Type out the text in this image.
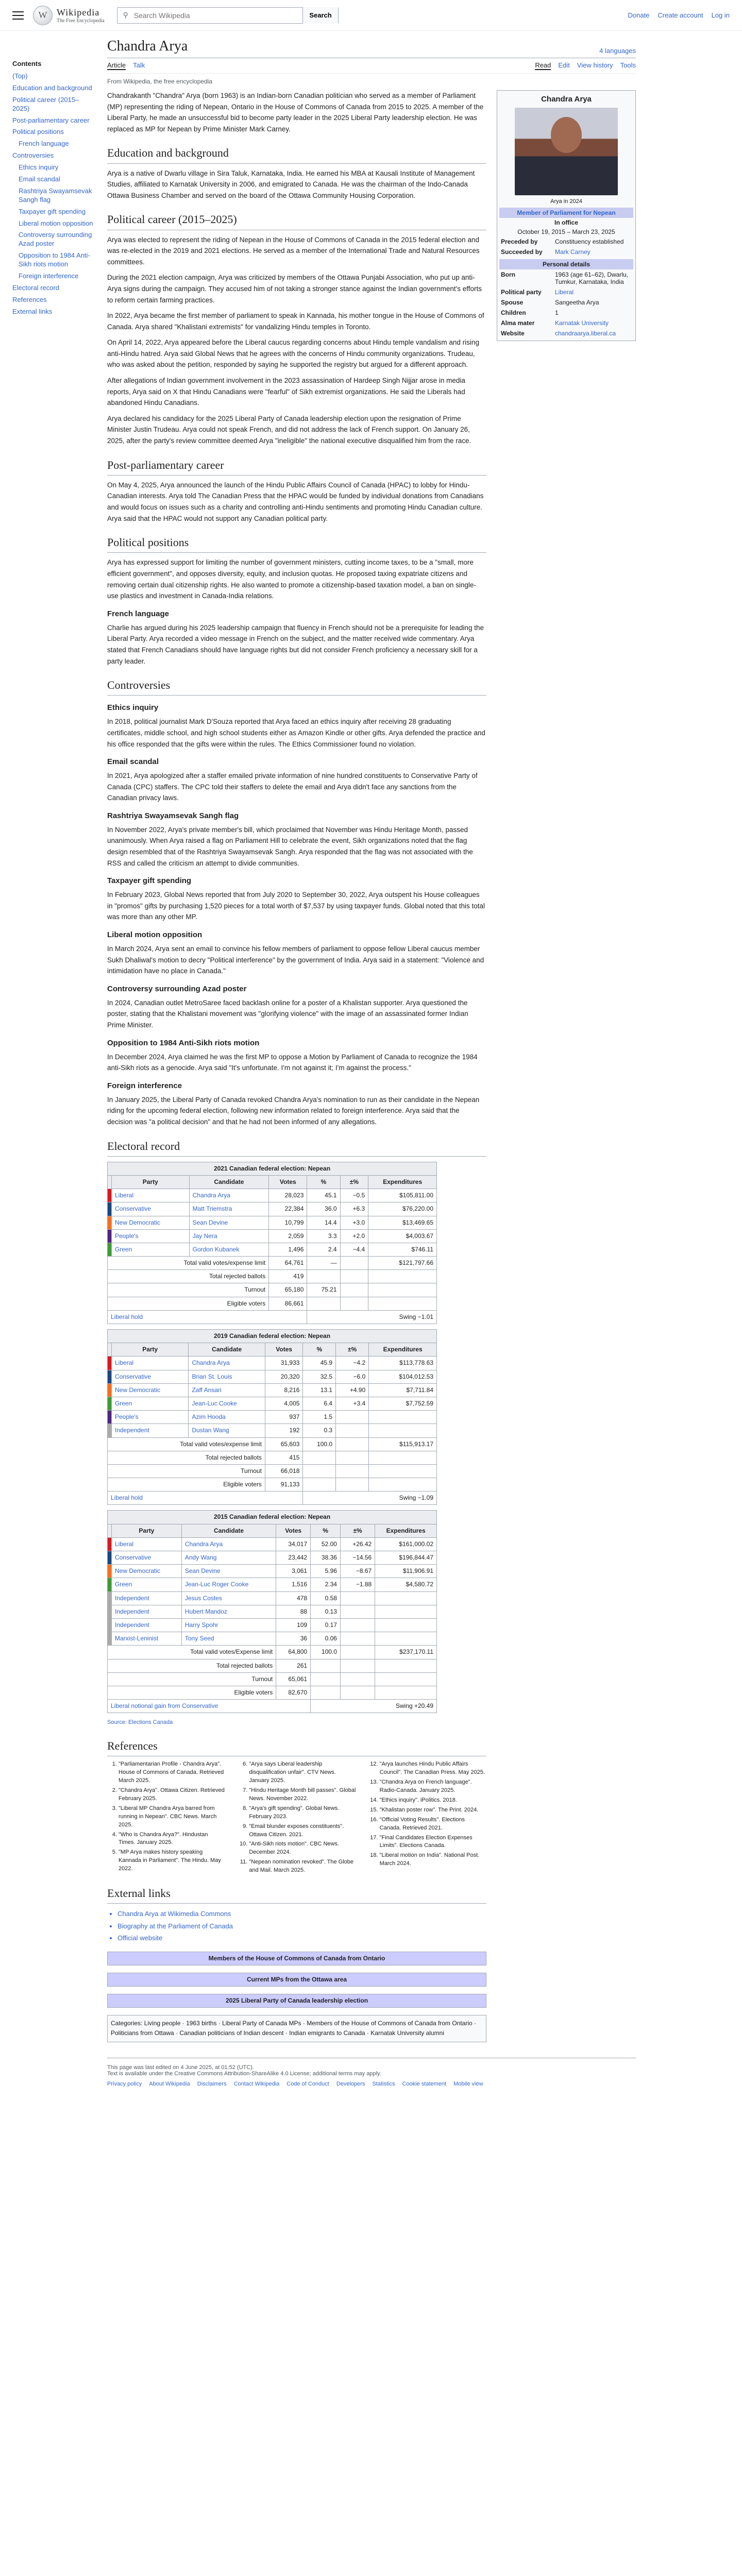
W	Wikipedia
The Free Encyclopedia
⚲
Search Wikipedia	Search	Donate Create account Log in
Contents
(Top)
Education and background
Political career (2015–2025)
Post-parliamentary career
Political positions
French language
Controversies
Ethics inquiry
Email scandal
Rashtriya Swayamsevak Sangh flag
Taxpayer gift spending
Liberal motion opposition
Controversy surrounding Azad poster
Opposition to 1984 Anti-Sikh riots motion
Foreign interference
Electoral record
References
External links
Chandra Arya	4 languages
Article Talk	Read Edit View history Tools
From Wikipedia, the free encyclopedia

Chandrakanth "Chandra" Arya (born 1963) is an Indian-born Canadian politician who served as a member of Parliament (MP) representing the riding of Nepean, Ontario in the House of Commons of Canada from 2015 to 2025. A member of the Liberal Party, he made an unsuccessful bid to become party leader in the 2025 Liberal Party leadership election. He was replaced as MP for Nepean by Prime Minister Mark Carney.

Education and background

Arya is a native of Dwarlu village in Sira Taluk, Karnataka, India. He earned his MBA at Kausali Institute of Management Studies, affiliated to Karnatak University in 2006, and emigrated to Canada. He was the chairman of the Indo-Canada Ottawa Business Chamber and served on the board of the Ottawa Community Housing Corporation.

Political career (2015–2025)

Arya was elected to represent the riding of Nepean in the House of Commons of Canada in the 2015 federal election and was re-elected in the 2019 and 2021 elections. He served as a member of the International Trade and Natural Resources committees.

During the 2021 election campaign, Arya was criticized by members of the Ottawa Punjabi Association, who put up anti-Arya signs during the campaign. They accused him of not taking a stronger stance against the Indian government's efforts to reform certain farming practices.

In 2022, Arya became the first member of parliament to speak in Kannada, his mother tongue in the House of Commons of Canada. Arya shared "Khalistani extremists" for vandalizing Hindu temples in Toronto.

On April 14, 2022, Arya appeared before the Liberal caucus regarding concerns about Hindu temple vandalism and rising anti-Hindu hatred. Arya said Global News that he agrees with the concerns of Hindu community organizations. Trudeau, who was asked about the petition, responded by saying he supported the registry but argued for a different approach.

After allegations of Indian government involvement in the 2023 assassination of Hardeep Singh Nijjar arose in media reports, Arya said on X that Hindu Canadians were "fearful" of Sikh extremist organizations. He said the Liberals had abandoned Hindu Canadians.

Arya declared his candidacy for the 2025 Liberal Party of Canada leadership election upon the resignation of Prime Minister Justin Trudeau. Arya could not speak French, and did not address the lack of French support. On January 26, 2025, after the party's review committee deemed Arya "ineligible" the national executive disqualified him from the race.

Post-parliamentary career

On May 4, 2025, Arya announced the launch of the Hindu Public Affairs Council of Canada (HPAC) to lobby for Hindu-Canadian interests. Arya told The Canadian Press that the HPAC would be funded by individual donations from Canadians and would focus on issues such as a charity and controlling anti-Hindu sentiments and promoting Hindu Canadian culture. Arya said that the HPAC would not support any Canadian political party.

Political positions

Arya has expressed support for limiting the number of government ministers, cutting income taxes, to be a "small, more efficient government", and opposes diversity, equity, and inclusion quotas. He proposed taxing expatriate citizens and removing certain dual citizenship rights. He also wanted to promote a citizenship-based taxation model, a ban on single-use plastics and investment in Canada-India relations.

French language

Charlie has argued during his 2025 leadership campaign that fluency in French should not be a prerequisite for leading the Liberal Party. Arya recorded a video message in French on the subject, and the matter received wide commentary. Arya stated that French Canadians should have language rights but did not consider French proficiency a necessary skill for a party leader.

Controversies
Ethics inquiry

In 2018, political journalist Mark D'Souza reported that Arya faced an ethics inquiry after receiving 28 graduating certificates, middle school, and high school students either as Amazon Kindle or other gifts. Arya defended the practice and his office responded that the gifts were within the rules. The Ethics Commissioner found no violation.

Email scandal

In 2021, Arya apologized after a staffer emailed private information of nine hundred constituents to Conservative Party of Canada (CPC) staffers. The CPC told their staffers to delete the email and Arya didn't face any sanctions from the Canadian privacy laws.

Rashtriya Swayamsevak Sangh flag

In November 2022, Arya's private member's bill, which proclaimed that November was Hindu Heritage Month, passed unanimously. When Arya raised a flag on Parliament Hill to celebrate the event, Sikh organizations noted that the flag design resembled that of the Rashtriya Swayamsevak Sangh. Arya responded that the flag was not associated with the RSS and called the criticism an attempt to divide communities.

Taxpayer gift spending

In February 2023, Global News reported that from July 2020 to September 30, 2022, Arya outspent his House colleagues in "promos" gifts by purchasing 1,520 pieces for a total worth of $7,537 by using taxpayer funds. Global noted that this total was more than any other MP.

Liberal motion opposition

In March 2024, Arya sent an email to convince his fellow members of parliament to oppose fellow Liberal caucus member Sukh Dhaliwal's motion to decry "Political interference" by the government of India. Arya said in a statement: "Violence and intimidation have no place in Canada."

Controversy surrounding Azad poster

In 2024, Canadian outlet MetroSaree faced backlash online for a poster of a Khalistan supporter. Arya questioned the poster, stating that the Khalistani movement was "glorifying violence" with the image of an assassinated former Indian Prime Minister.

Opposition to 1984 Anti-Sikh riots motion

In December 2024, Arya claimed he was the first MP to oppose a Motion by Parliament of Canada to recognize the 1984 anti-Sikh riots as a genocide. Arya said "It's unfortunate. I'm not against it; I'm against the process."

Foreign interference

In January 2025, the Liberal Party of Canada revoked Chandra Arya's nomination to run as their candidate in the Nepean riding for the upcoming federal election, following new information related to foreign interference. Arya said that the decision was "a political decision" and that he had not been informed of any allegations.

Electoral record
2021 Canadian federal election: Nepean						
	Party	Candidate	Votes	%	±%	Expenditures
	Liberal	Chandra Arya	28,023	45.1	−0.5	$105,811.00
	Conservative	Matt Triemstra	22,384	36.0	+6.3	$76,220.00
	New Democratic	Sean Devine	10,799	14.4	+3.0	$13,469.65
	People's	Jay Nera	2,059	3.3	+2.0	$4,003.67
	Green	Gordon Kubanek	1,496	2.4	−4.4	$746.11
Total valid votes/expense limit			64,761	—		$121,797.66
Total rejected ballots			419			
Turnout			65,180	75.21		
Eligible voters			86,661			
Liberal hold				Swing −1.01		
2019 Canadian federal election: Nepean						
	Party	Candidate	Votes	%	±%	Expenditures
	Liberal	Chandra Arya	31,933	45.9	−4.2	$113,778.63
	Conservative	Brian St. Louis	20,320	32.5	−6.0	$104,012.53
	New Democratic	Zaff Ansari	8,216	13.1	+4.90	$7,711.84
	Green	Jean-Luc Cooke	4,005	6.4	+3.4	$7,752.59
	People's	Azim Hooda	937	1.5		
	Independent	Dustan Wang	192	0.3		
Total valid votes/expense limit			65,603	100.0		$115,913.17
Total rejected ballots			415			
Turnout			66,018			
Eligible voters			91,133			
Liberal hold				Swing −1.09		
2015 Canadian federal election: Nepean						
	Party	Candidate	Votes	%	±%	Expenditures
	Liberal	Chandra Arya	34,017	52.00	+26.42	$161,000.02
	Conservative	Andy Wang	23,442	38.36	−14.56	$196,844.47
	New Democratic	Sean Devine	3,061	5.96	−8.67	$11,906.91
	Green	Jean-Luc Roger Cooke	1,516	2.34	−1.88	$4,580.72
	Independent	Jesus Costes	478	0.58		
	Independent	Hubert Mandoz	88	0.13		
	Independent	Harry Spohr	109	0.17		
	Marxist-Leninist	Tony Seed	36	0.06		
Total valid votes/Expense limit			64,800	100.0		$237,170.11
Total rejected ballots			261			
Turnout			65,061			
Eligible voters			82,670			
Liberal notional gain from Conservative				Swing +20.49		
Source: Elections Canada
References
1. "Parliamentarian Profile - Chandra Arya". House of Commons of Canada. Retrieved March 2025.
2. "Chandra Arya". Ottawa Citizen. Retrieved February 2025.
3. "Liberal MP Chandra Arya barred from running in Nepean". CBC News. March 2025.
4. "Who is Chandra Arya?". Hindustan Times. January 2025.
5. "MP Arya makes history speaking Kannada in Parliament". The Hindu. May 2022.
6. "Arya says Liberal leadership disqualification unfair". CTV News. January 2025.
7. "Hindu Heritage Month bill passes". Global News. November 2022.
8. "Arya's gift spending". Global News. February 2023.
9. "Email blunder exposes constituents". Ottawa Citizen. 2021.
10. "Anti-Sikh riots motion". CBC News. December 2024.
11. "Nepean nomination revoked". The Globe and Mail. March 2025.
12. "Arya launches Hindu Public Affairs Council". The Canadian Press. May 2025.
13. "Chandra Arya on French language". Radio-Canada. January 2025.
14. "Ethics inquiry". iPolitics. 2018.
15. "Khalistan poster row". The Print. 2024.
16. "Official Voting Results". Elections Canada. Retrieved 2021.
17. "Final Candidates Election Expenses Limits". Elections Canada.
18. "Liberal motion on India". National Post. March 2024.
External links
• Chandra Arya at Wikimedia Commons
• Biography at the Parliament of Canada
• Official website
Members of the House of Commons of Canada from Ontario
Current MPs from the Ottawa area
2025 Liberal Party of Canada leadership election
Categories: Living people · 1963 births · Liberal Party of Canada MPs · Members of the House of Commons of Canada from Ontario · Politicians from Ottawa · Canadian politicians of Indian descent · Indian emigrants to Canada · Karnatak University alumni
Chandra Arya
Arya in 2024
Member of Parliament for Nepean
In office
October 19, 2015 – March 23, 2025
Preceded by	Constituency established
Succeeded by	Mark Carney
Personal details
Born	1963 (age 61–62), Dwarlu, Tumkur, Karnataka, India
Political party	Liberal
Spouse	Sangeetha Arya
Children	1
Alma mater	Karnatak University
Website	chandraarya.liberal.ca
This page was last edited on 4 June 2025, at 01:52 (UTC).
Text is available under the Creative Commons Attribution-ShareAlike 4.0 License; additional terms may apply.
Privacy policy About Wikipedia Disclaimers Contact Wikipedia Code of Conduct Developers Statistics Cookie statement Mobile view
